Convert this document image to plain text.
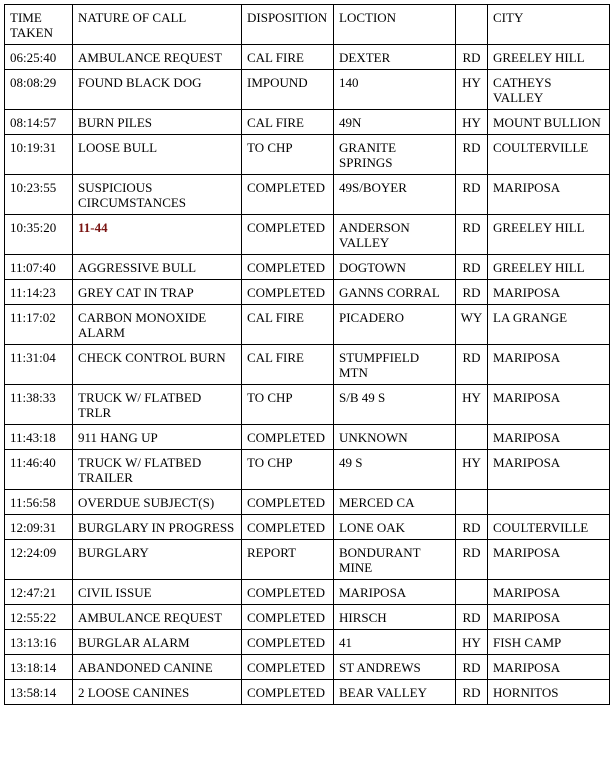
TIME TAKEN	NATURE OF CALL	DISPOSITION	LOCTION		CITY
06:25:40	AMBULANCE REQUEST	CAL FIRE	DEXTER	RD	GREELEY HILL
08:08:29	FOUND BLACK DOG	IMPOUND	140	HY	CATHEYS VALLEY
08:14:57	BURN PILES	CAL FIRE	49N	HY	MOUNT BULLION
10:19:31	LOOSE BULL	TO CHP	GRANITE SPRINGS	RD	COULTERVILLE
10:23:55	SUSPICIOUS CIRCUMSTANCES	COMPLETED	49S/BOYER	RD	MARIPOSA
10:35:20	11-44	COMPLETED	ANDERSON VALLEY	RD	GREELEY HILL
11:07:40	AGGRESSIVE BULL	COMPLETED	DOGTOWN	RD	GREELEY HILL
11:14:23	GREY CAT IN TRAP	COMPLETED	GANNS CORRAL	RD	MARIPOSA
11:17:02	CARBON MONOXIDE ALARM	CAL FIRE	PICADERO	WY	LA GRANGE
11:31:04	CHECK CONTROL BURN	CAL FIRE	STUMPFIELD MTN	RD	MARIPOSA
11:38:33	TRUCK W/ FLATBED TRLR	TO CHP	S/B 49 S	HY	MARIPOSA
11:43:18	911 HANG UP	COMPLETED	UNKNOWN		MARIPOSA
11:46:40	TRUCK W/ FLATBED TRAILER	TO CHP	49 S	HY	MARIPOSA
11:56:58	OVERDUE SUBJECT(S)	COMPLETED	MERCED CA		
12:09:31	BURGLARY IN PROGRESS	COMPLETED	LONE OAK	RD	COULTERVILLE
12:24:09	BURGLARY	REPORT	BONDURANT MINE	RD	MARIPOSA
12:47:21	CIVIL ISSUE	COMPLETED	MARIPOSA		MARIPOSA
12:55:22	AMBULANCE REQUEST	COMPLETED	HIRSCH	RD	MARIPOSA
13:13:16	BURGLAR ALARM	COMPLETED	41	HY	FISH CAMP
13:18:14	ABANDONED CANINE	COMPLETED	ST ANDREWS	RD	MARIPOSA
13:58:14	2 LOOSE CANINES	COMPLETED	BEAR VALLEY	RD	HORNITOS
